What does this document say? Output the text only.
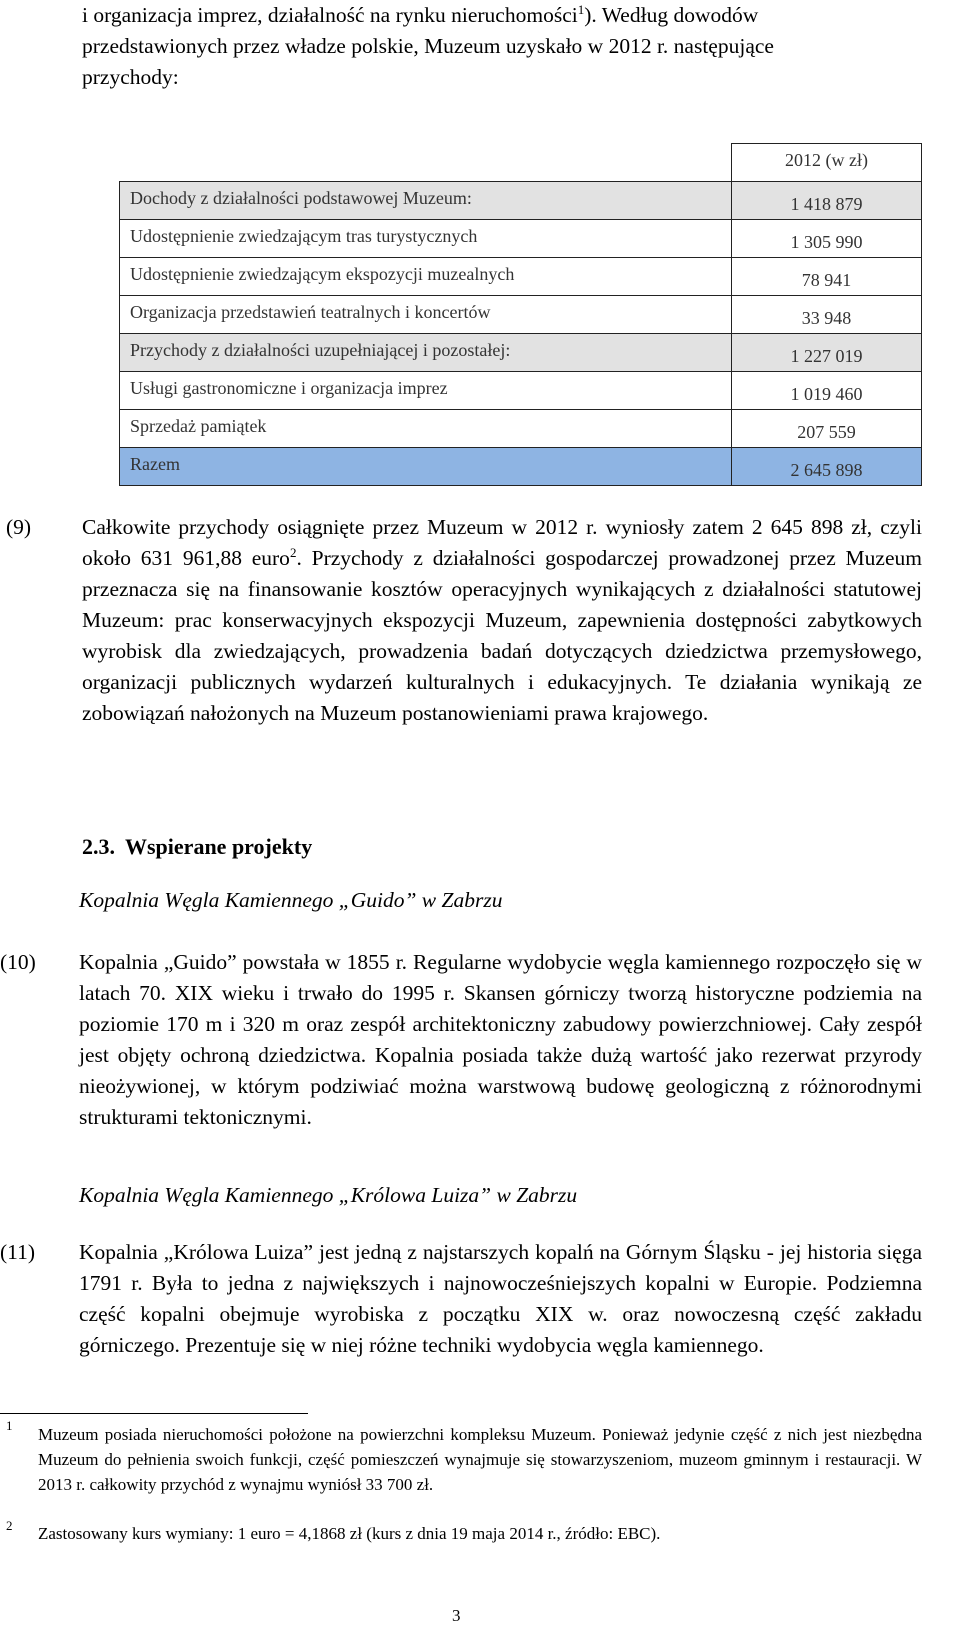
i organizacja imprez, działalność na rynku nieruchomości$^1$). Według dowodów
przedstawionych przez władze polskie, Muzeum uzyskało w 2012 r. następujące
przychody:
	2012 (w zł)
Dochody z działalności podstawowej Muzeum:	1 418 879
Udostępnienie zwiedzającym tras turystycznych	1 305 990
Udostępnienie zwiedzającym ekspozycji muzealnych	78 941
Organizacja przedstawień teatralnych i koncertów	33 948
Przychody z działalności uzupełniającej i pozostałej:	1 227 019
Usługi gastronomiczne i organizacja imprez	1 019 460
Sprzedaż pamiątek	207 559
Razem	2 645 898
(9) Całkowite przychody osiągnięte przez Muzeum w 2012 r. wyniosły zatem 2 645 898 zł, czyli około 631 961,88 euro$^2$. Przychody z działalności gospodarczej prowadzonej przez Muzeum przeznacza się na finansowanie kosztów operacyjnych wynikających z działalności statutowej Muzeum: prac konserwacyjnych ekspozycji Muzeum, zapewnienia dostępności zabytkowych wyrobisk dla zwiedzających, prowadzenia badań dotyczących dziedzictwa przemysłowego, organizacji publicznych wydarzeń kulturalnych i edukacyjnych. Te działania wynikają ze zobowiązań nałożonych na Muzeum postanowieniami prawa krajowego.
2.3. Wspierane projekty
Kopalnia Węgla Kamiennego „Guido” w Zabrzu
(10) Kopalnia „Guido” powstała w 1855 r. Regularne wydobycie węgla kamiennego rozpoczęło się w latach 70. XIX wieku i trwało do 1995 r. Skansen górniczy tworzą historyczne podziemia na poziomie 170 m i 320 m oraz zespół architektoniczny zabudowy powierzchniowej. Cały zespół jest objęty ochroną dziedzictwa. Kopalnia posiada także dużą wartość jako rezerwat przyrody nieożywionej, w którym podziwiać można warstwową budowę geologiczną z różnorodnymi strukturami tektonicznymi.
Kopalnia Węgla Kamiennego „Królowa Luiza” w Zabrzu
(11) Kopalnia „Królowa Luiza” jest jedną z najstarszych kopalń na Górnym Śląsku - jej historia sięga 1791 r. Była to jedna z największych i najnowocześniejszych kopalni w Europie. Podziemna część kopalni obejmuje wyrobiska z początku XIX w. oraz nowoczesną część zakładu górniczego. Prezentuje się w niej różne techniki wydobycia węgla kamiennego.
1 Muzeum posiada nieruchomości położone na powierzchni kompleksu Muzeum. Ponieważ jedynie część z nich jest niezbędna Muzeum do pełnienia swoich funkcji, część pomieszczeń wynajmuje się stowarzyszeniom, muzeom gminnym i restauracji. W 2013 r. całkowity przychód z wynajmu wyniósł 33 700 zł.
2 Zastosowany kurs wymiany: 1 euro = 4,1868 zł (kurs z dnia 19 maja 2014 r., źródło: EBC).
3
